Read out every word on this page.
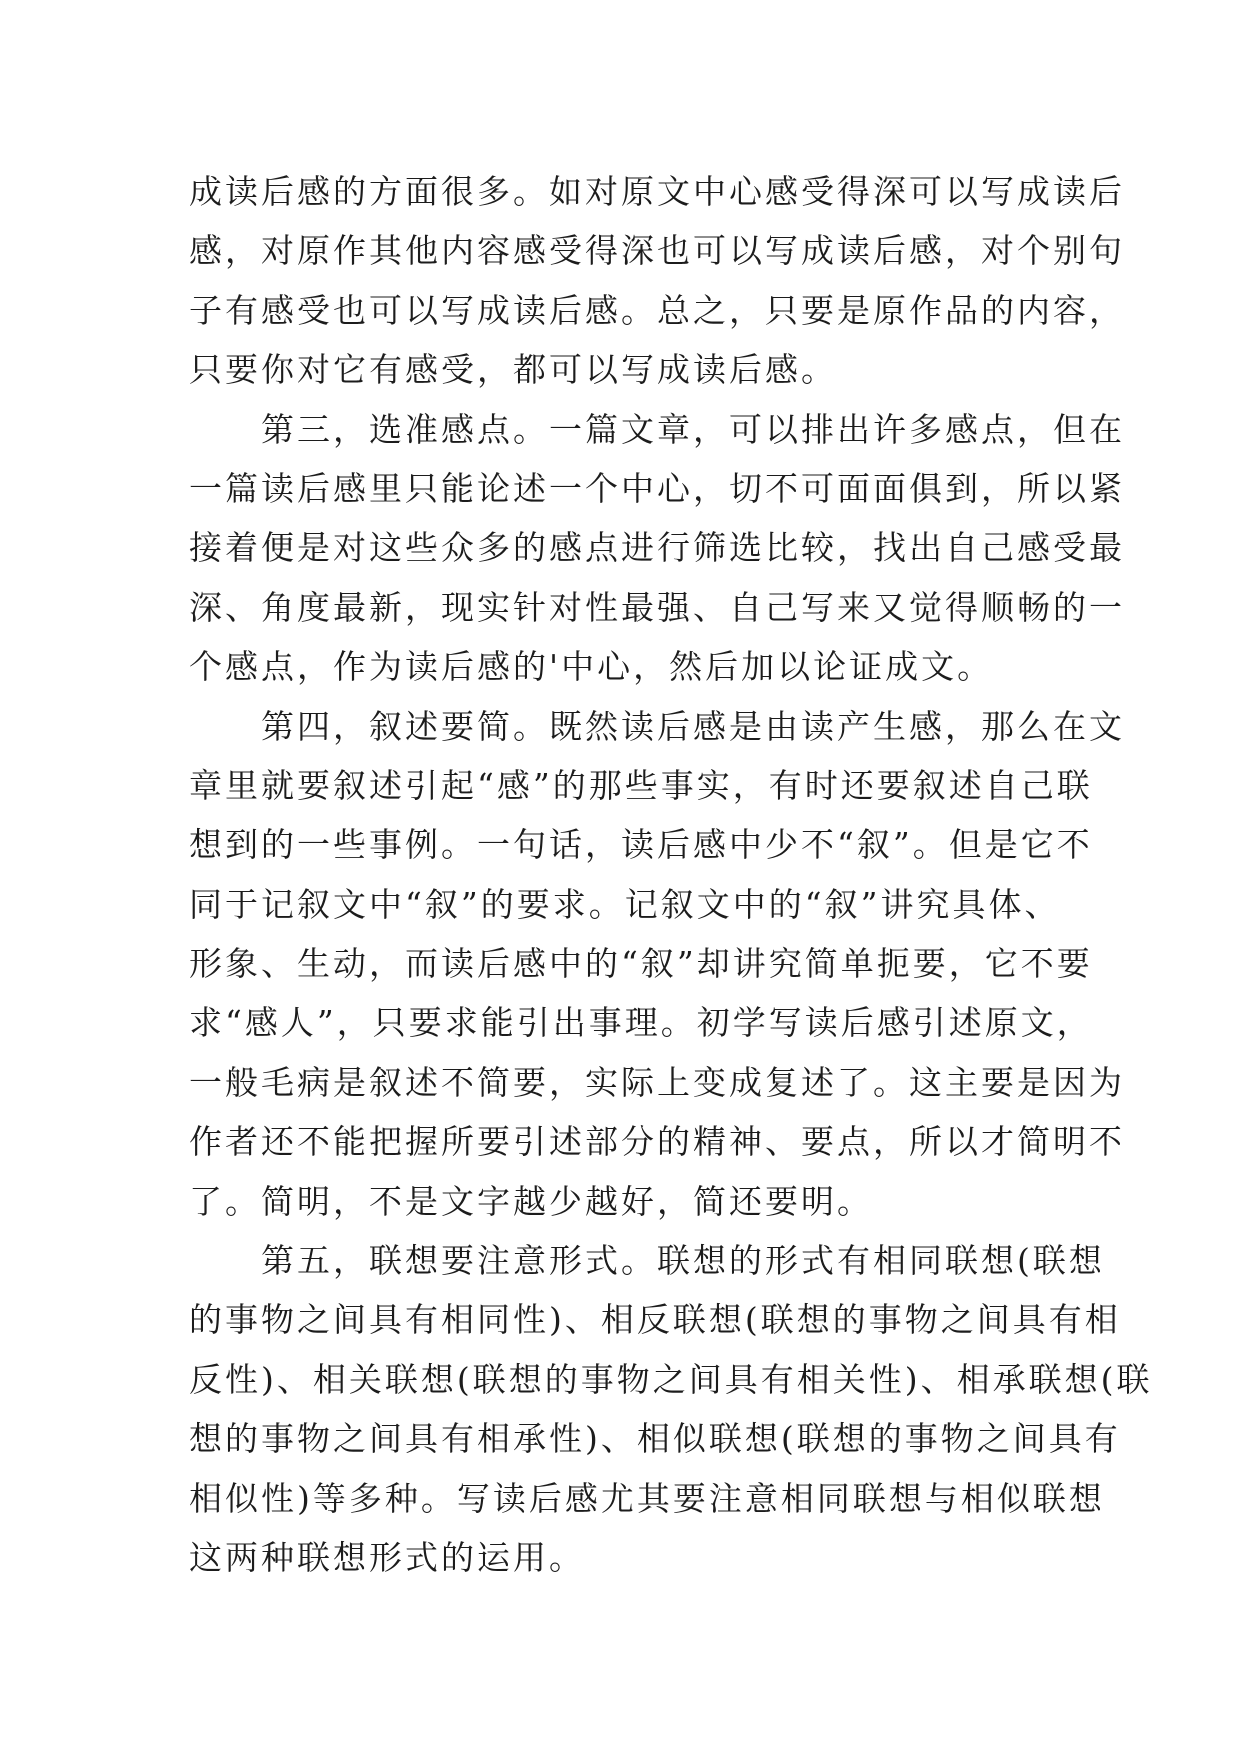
成读后感的方面很多。如对原文中心感受得深可以写成读后
感，对原作其他内容感受得深也可以写成读后感，对个别句
子有感受也可以写成读后感。总之，只要是原作品的内容，
只要你对它有感受，都可以写成读后感。
第三，选准感点。一篇文章，可以排出许多感点，但在
一篇读后感里只能论述一个中心，切不可面面俱到，所以紧
接着便是对这些众多的感点进行筛选比较，找出自己感受最
深、角度最新，现实针对性最强、自己写来又觉得顺畅的一
个感点，作为读后感的'中心，然后加以论证成文。
第四，叙述要简。既然读后感是由读产生感，那么在文
章里就要叙述引起“感”的那些事实，有时还要叙述自己联
想到的一些事例。一句话，读后感中少不“叙”。但是它不
同于记叙文中“叙”的要求。记叙文中的“叙”讲究具体、
形象、生动，而读后感中的“叙”却讲究简单扼要，它不要
求“感人”，只要求能引出事理。初学写读后感引述原文，
一般毛病是叙述不简要，实际上变成复述了。这主要是因为
作者还不能把握所要引述部分的精神、要点，所以才简明不
了。简明，不是文字越少越好，简还要明。
第五，联想要注意形式。联想的形式有相同联想(联想
的事物之间具有相同性)、相反联想(联想的事物之间具有相
反性)、相关联想(联想的事物之间具有相关性)、相承联想(联
想的事物之间具有相承性)、相似联想(联想的事物之间具有
相似性)等多种。写读后感尤其要注意相同联想与相似联想
这两种联想形式的运用。
